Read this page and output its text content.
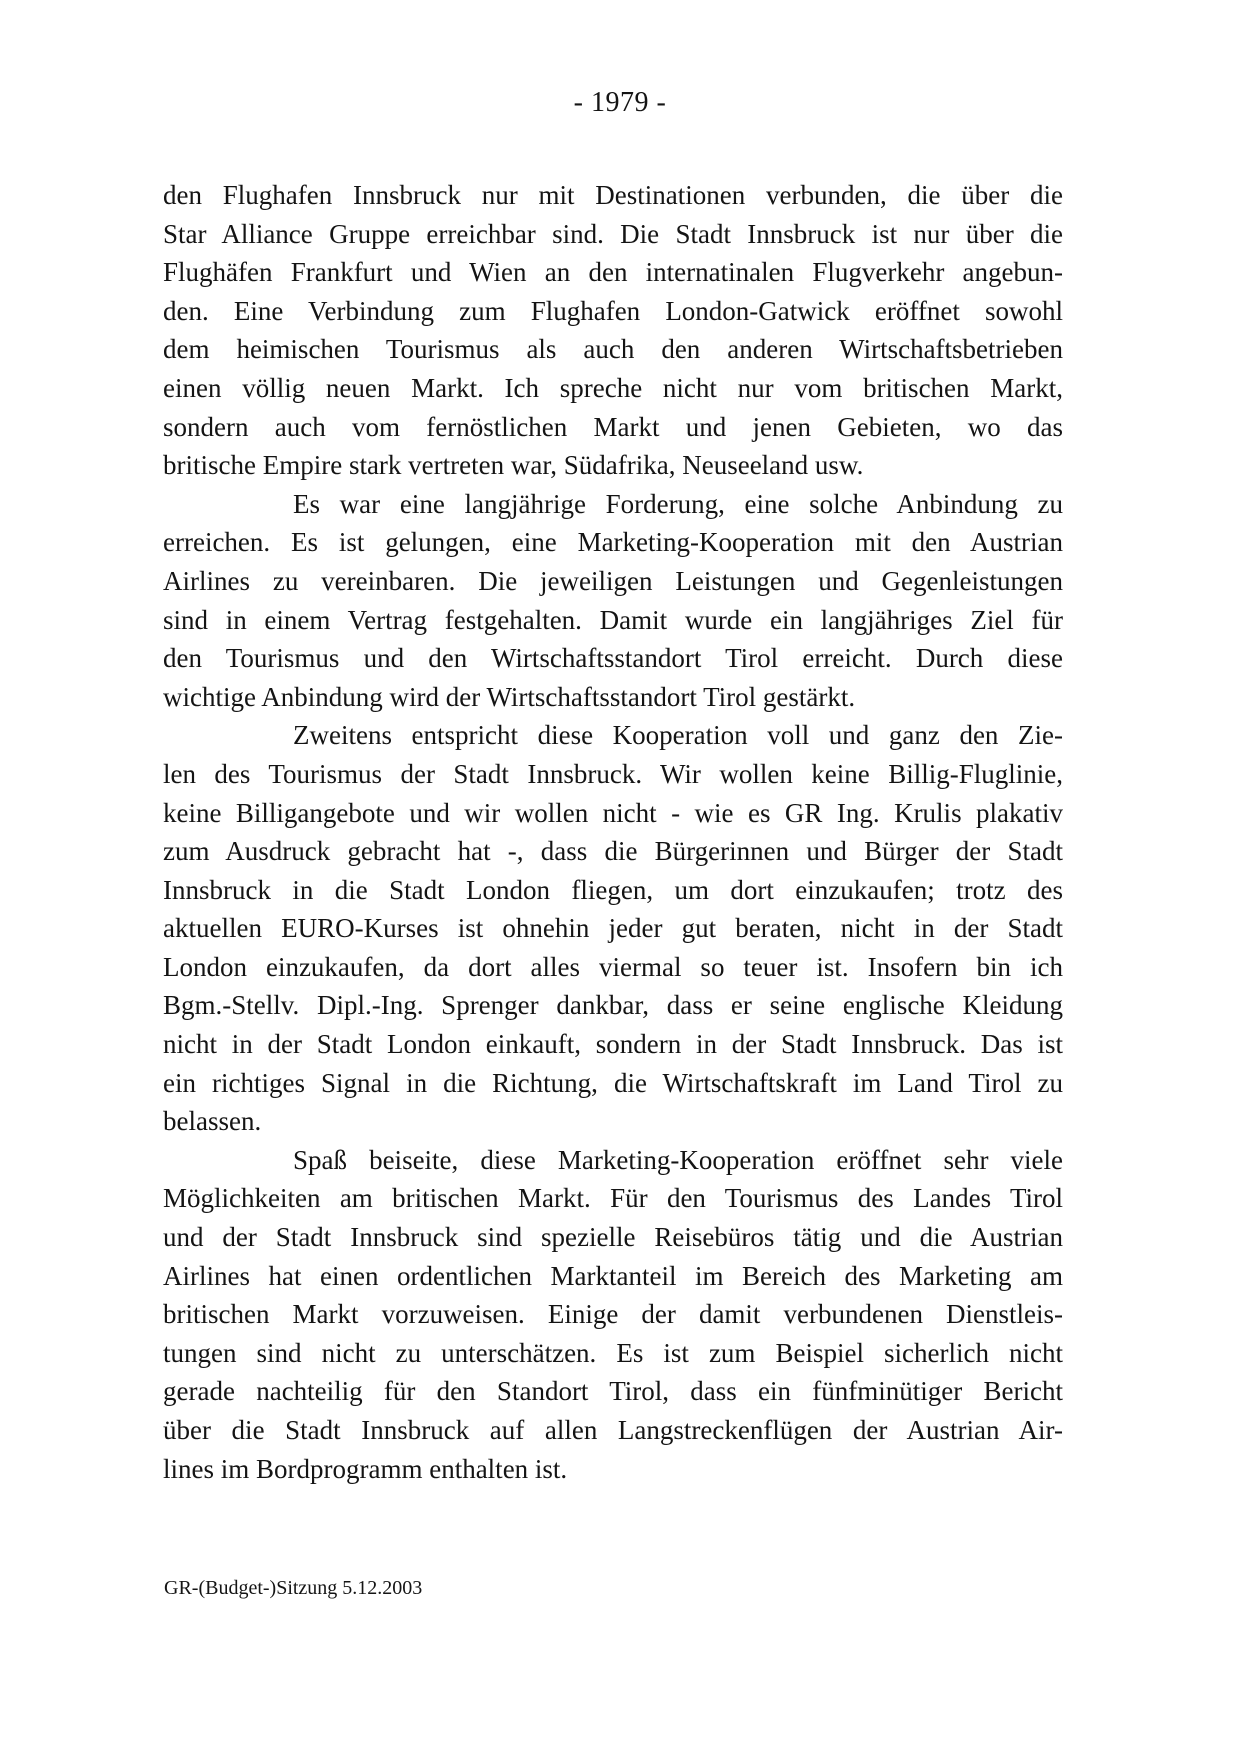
- 1979 -

den Flughafen Innsbruck nur mit Destinationen verbunden, die über die
Star Alliance Gruppe erreichbar sind. Die Stadt Innsbruck ist nur über die
Flughäfen Frankfurt und Wien an den internatinalen Flugverkehr angebun-
den. Eine Verbindung zum Flughafen London-Gatwick eröffnet sowohl
dem heimischen Tourismus als auch den anderen Wirtschaftsbetrieben
einen völlig neuen Markt. Ich spreche nicht nur vom britischen Markt,
sondern auch vom fernöstlichen Markt und jenen Gebieten, wo das
britische Empire stark vertreten war, Südafrika, Neuseeland usw.

Es war eine langjährige Forderung, eine solche Anbindung zu
erreichen. Es ist gelungen, eine Marketing-Kooperation mit den Austrian
Airlines zu vereinbaren. Die jeweiligen Leistungen und Gegenleistungen
sind in einem Vertrag festgehalten. Damit wurde ein langjähriges Ziel für
den Tourismus und den Wirtschaftsstandort Tirol erreicht. Durch diese
wichtige Anbindung wird der Wirtschaftsstandort Tirol gestärkt.

Zweitens entspricht diese Kooperation voll und ganz den Zie-
len des Tourismus der Stadt Innsbruck. Wir wollen keine Billig-Fluglinie,
keine Billigangebote und wir wollen nicht - wie es GR Ing. Krulis plakativ
zum Ausdruck gebracht hat -, dass die Bürgerinnen und Bürger der Stadt
Innsbruck in die Stadt London fliegen, um dort einzukaufen; trotz des
aktuellen EURO-Kurses ist ohnehin jeder gut beraten, nicht in der Stadt
London einzukaufen, da dort alles viermal so teuer ist. Insofern bin ich
Bgm.-Stellv. Dipl.-Ing. Sprenger dankbar, dass er seine englische Kleidung
nicht in der Stadt London einkauft, sondern in der Stadt Innsbruck. Das ist
ein richtiges Signal in die Richtung, die Wirtschaftskraft im Land Tirol zu
belassen.

Spaß beiseite, diese Marketing-Kooperation eröffnet sehr viele
Möglichkeiten am britischen Markt. Für den Tourismus des Landes Tirol
und der Stadt Innsbruck sind spezielle Reisebüros tätig und die Austrian
Airlines hat einen ordentlichen Marktanteil im Bereich des Marketing am
britischen Markt vorzuweisen. Einige der damit verbundenen Dienstleis-
tungen sind nicht zu unterschätzen. Es ist zum Beispiel sicherlich nicht
gerade nachteilig für den Standort Tirol, dass ein fünfminütiger Bericht
über die Stadt Innsbruck auf allen Langstreckenflügen der Austrian Air-
lines im Bordprogramm enthalten ist.

GR-(Budget-)Sitzung 5.12.2003
